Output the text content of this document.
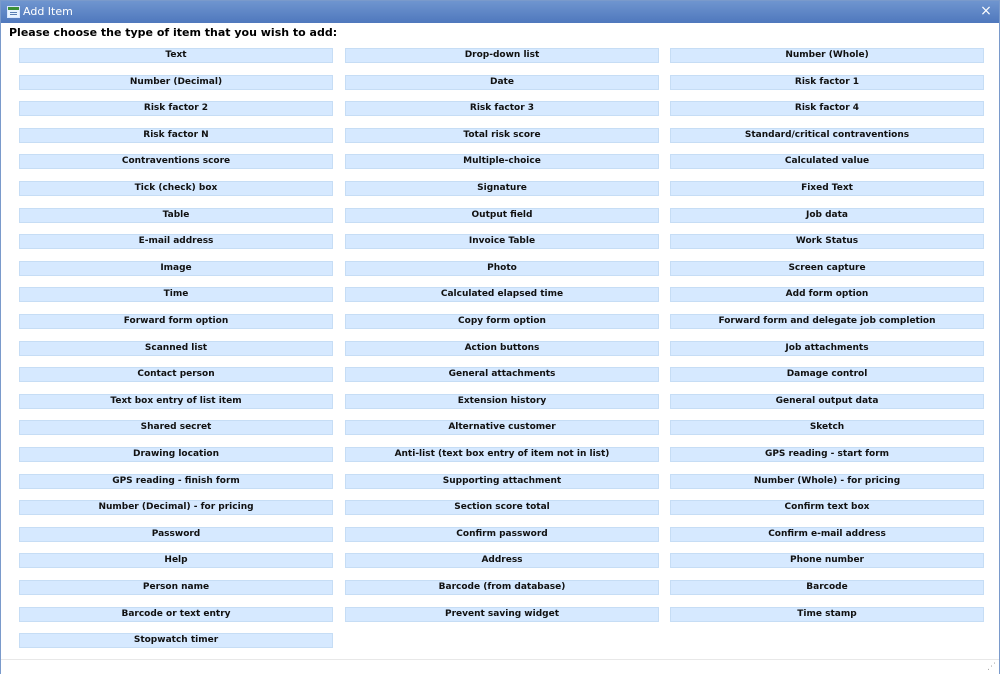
Add Item	×
Please choose the type of item that you wish to add:
Text	Drop-down list	Number (Whole)
Number (Decimal)	Date	Risk factor 1
Risk factor 2	Risk factor 3	Risk factor 4
Risk factor N	Total risk score	Standard/critical contraventions
Contraventions score	Multiple-choice	Calculated value
Tick (check) box	Signature	Fixed Text
Table	Output field	Job data
E-mail address	Invoice Table	Work Status
Image	Photo	Screen capture
Time	Calculated elapsed time	Add form option
Forward form option	Copy form option	Forward form and delegate job completion
Scanned list	Action buttons	Job attachments
Contact person	General attachments	Damage control
Text box entry of list item	Extension history	General output data
Shared secret	Alternative customer	Sketch
Drawing location	Anti-list (text box entry of item not in list)	GPS reading - start form
GPS reading - finish form	Supporting attachment	Number (Whole) - for pricing
Number (Decimal) - for pricing	Section score total	Confirm text box
Password	Confirm password	Confirm e-mail address
Help	Address	Phone number
Person name	Barcode (from database)	Barcode
Barcode or text entry	Prevent saving widget	Time stamp
Stopwatch timer
⋰
